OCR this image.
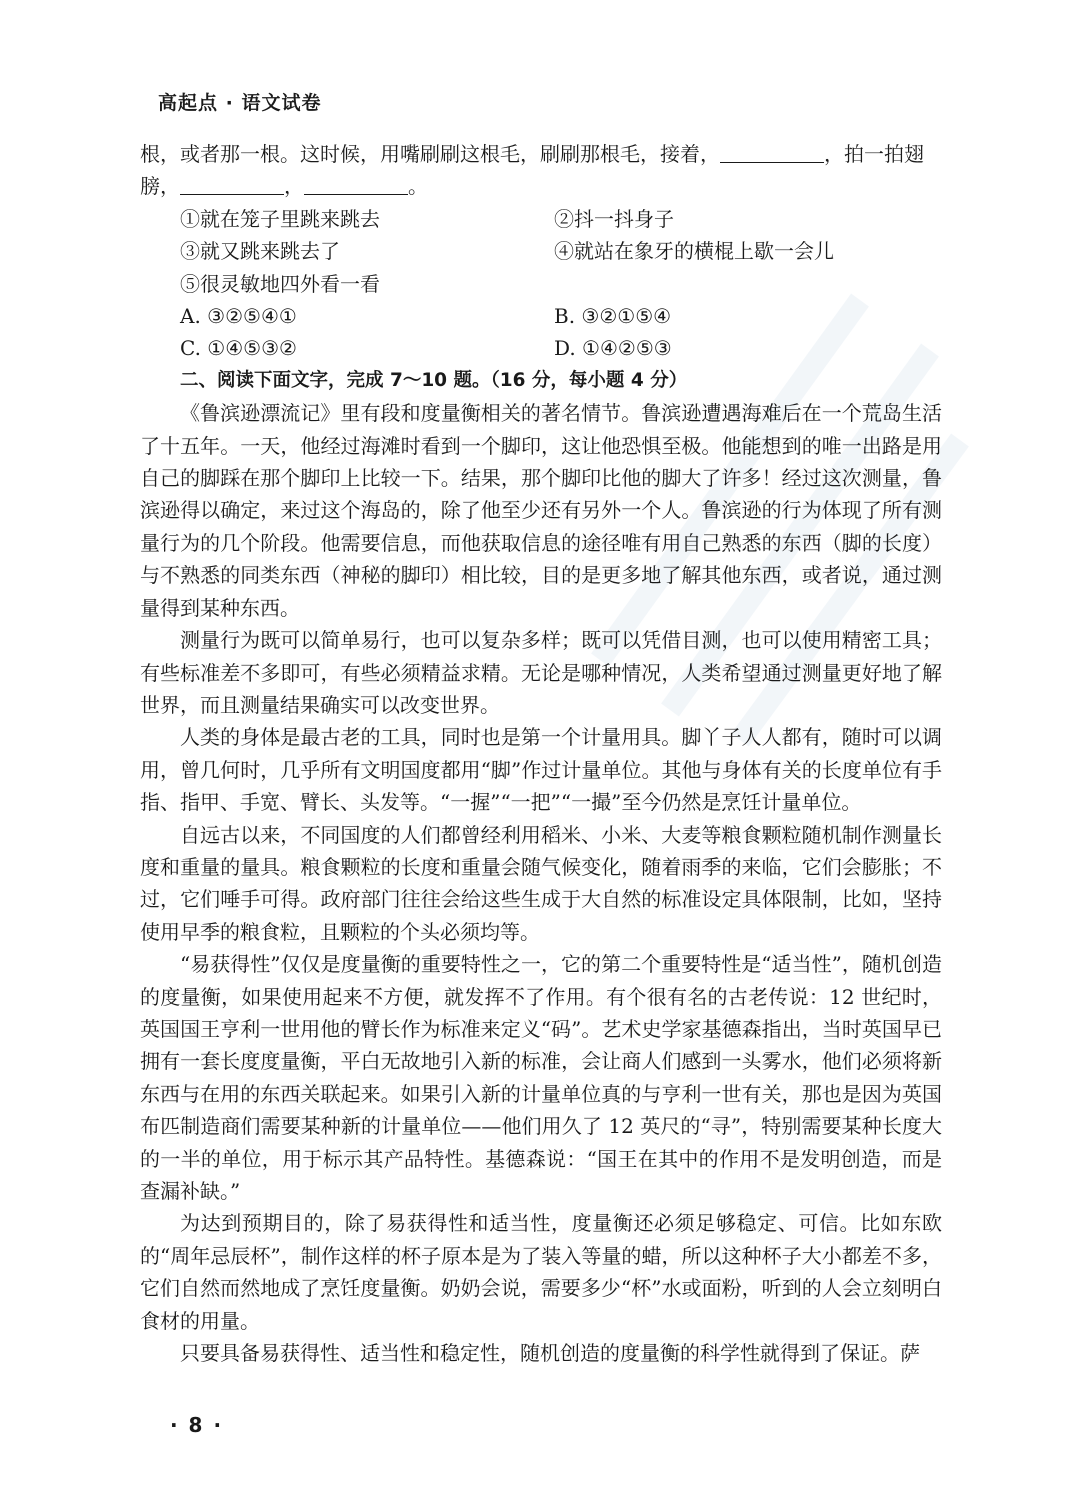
高起点 · 语文试卷

根，或者那一根。这时候，用嘴刷刷这根毛，刷刷那根毛，接着，	，拍一拍翅
膀，	，	。

①就在笼子里跳来跳去	②抖一抖身子
③就又跳来跳去了	④就站在象牙的横棍上歇一会儿
⑤很灵敏地四外看一看
A. ③②⑤④①	B. ③②①⑤④
C. ①④⑤③②	D. ①④②⑤③
二、阅读下面文字，完成 7～10 题。（16 分，每小题 4 分）

《鲁滨逊漂流记》里有段和度量衡相关的著名情节。鲁滨逊遭遇海难后在一个荒岛生活了十五年。一天，他经过海滩时看到一个脚印，这让他恐惧至极。他能想到的唯一出路是用自己的脚踩在那个脚印上比较一下。结果，那个脚印比他的脚大了许多！经过这次测量，鲁滨逊得以确定，来过这个海岛的，除了他至少还有另外一个人。鲁滨逊的行为体现了所有测量行为的几个阶段。他需要信息，而他获取信息的途径唯有用自己熟悉的东西（脚的长度）与不熟悉的同类东西（神秘的脚印）相比较，目的是更多地了解其他东西，或者说，通过测量得到某种东西。

测量行为既可以简单易行，也可以复杂多样；既可以凭借目测，也可以使用精密工具；有些标准差不多即可，有些必须精益求精。无论是哪种情况，人类希望通过测量更好地了解世界，而且测量结果确实可以改变世界。

人类的身体是最古老的工具，同时也是第一个计量用具。脚丫子人人都有，随时可以调用，曾几何时，几乎所有文明国度都用“脚”作过计量单位。其他与身体有关的长度单位有手指、指甲、手宽、臂长、头发等。“一握”“一把”“一撮”至今仍然是烹饪计量单位。

自远古以来，不同国度的人们都曾经利用稻米、小米、大麦等粮食颗粒随机制作测量长度和重量的量具。粮食颗粒的长度和重量会随气候变化，随着雨季的来临，它们会膨胀；不过，它们唾手可得。政府部门往往会给这些生成于大自然的标准设定具体限制，比如，坚持使用早季的粮食粒，且颗粒的个头必须均等。

“易获得性”仅仅是度量衡的重要特性之一，它的第二个重要特性是“适当性”，随机创造的度量衡，如果使用起来不方便，就发挥不了作用。有个很有名的古老传说：12 世纪时，英国国王亨利一世用他的臂长作为标准来定义“码”。艺术史学家基德森指出，当时英国早已拥有一套长度度量衡，平白无故地引入新的标准，会让商人们感到一头雾水，他们必须将新东西与在用的东西关联起来。如果引入新的计量单位真的与亨利一世有关，那也是因为英国布匹制造商们需要某种新的计量单位——他们用久了 12 英尺的“寻”，特别需要某种长度大的一半的单位，用于标示其产品特性。基德森说：“国王在其中的作用不是发明创造，而是查漏补缺。”

为达到预期目的，除了易获得性和适当性，度量衡还必须足够稳定、可信。比如东欧的“周年忌辰杯”，制作这样的杯子原本是为了装入等量的蜡，所以这种杯子大小都差不多，它们自然而然地成了烹饪度量衡。奶奶会说，需要多少“杯”水或面粉，听到的人会立刻明白食材的用量。

只要具备易获得性、适当性和稳定性，随机创造的度量衡的科学性就得到了保证。萨

· 8 ·
